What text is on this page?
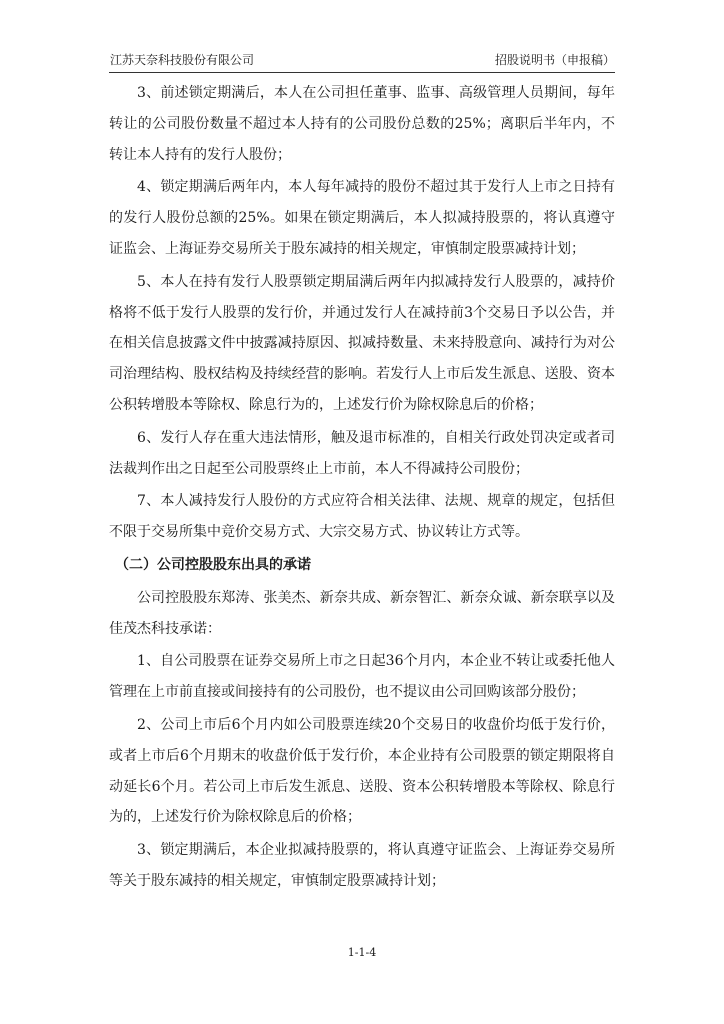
江苏天奈科技股份有限公司	招股说明书（申报稿）

3、前述锁定期满后，本人在公司担任董事、监事、高级管理人员期间，每年转让的公司股份数量不超过本人持有的公司股份总数的25%；离职后半年内，不转让本人持有的发行人股份；

4、锁定期满后两年内，本人每年减持的股份不超过其于发行人上市之日持有的发行人股份总额的25%。如果在锁定期满后，本人拟减持股票的，将认真遵守证监会、上海证券交易所关于股东减持的相关规定，审慎制定股票减持计划；

5、本人在持有发行人股票锁定期届满后两年内拟减持发行人股票的，减持价格将不低于发行人股票的发行价，并通过发行人在减持前3个交易日予以公告，并在相关信息披露文件中披露减持原因、拟减持数量、未来持股意向、减持行为对公司治理结构、股权结构及持续经营的影响。若发行人上市后发生派息、送股、资本公积转增股本等除权、除息行为的，上述发行价为除权除息后的价格；

6、发行人存在重大违法情形，触及退市标准的，自相关行政处罚决定或者司法裁判作出之日起至公司股票终止上市前，本人不得减持公司股份；

7、本人减持发行人股份的方式应符合相关法律、法规、规章的规定，包括但不限于交易所集中竞价交易方式、大宗交易方式、协议转让方式等。

（二）公司控股股东出具的承诺

公司控股股东郑涛、张美杰、新奈共成、新奈智汇、新奈众诚、新奈联享以及佳茂杰科技承诺：

1、自公司股票在证券交易所上市之日起36个月内，本企业不转让或委托他人管理在上市前直接或间接持有的公司股份，也不提议由公司回购该部分股份；

2、公司上市后6个月内如公司股票连续20个交易日的收盘价均低于发行价，或者上市后6个月期末的收盘价低于发行价，本企业持有公司股票的锁定期限将自动延长6个月。若公司上市后发生派息、送股、资本公积转增股本等除权、除息行为的，上述发行价为除权除息后的价格；

3、锁定期满后，本企业拟减持股票的，将认真遵守证监会、上海证券交易所等关于股东减持的相关规定，审慎制定股票减持计划；

1-1-4
